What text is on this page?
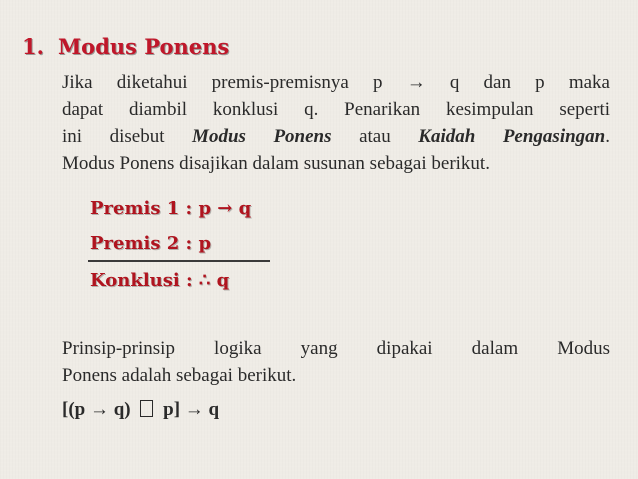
1. Modus Ponens
Jika diketahui premis-premisnya p → q dan p maka
dapat diambil konklusi q. Penarikan kesimpulan seperti
ini disebut Modus Ponens atau Kaidah Pengasingan.
Modus Ponens disajikan dalam susunan sebagai berikut.
Premis 1 : p → q
Premis 2 : p
Konklusi : ∴ q
Prinsip-prinsip logika yang dipakai dalam Modus
Ponens adalah sebagai berikut.
[(p → q) p] → q
